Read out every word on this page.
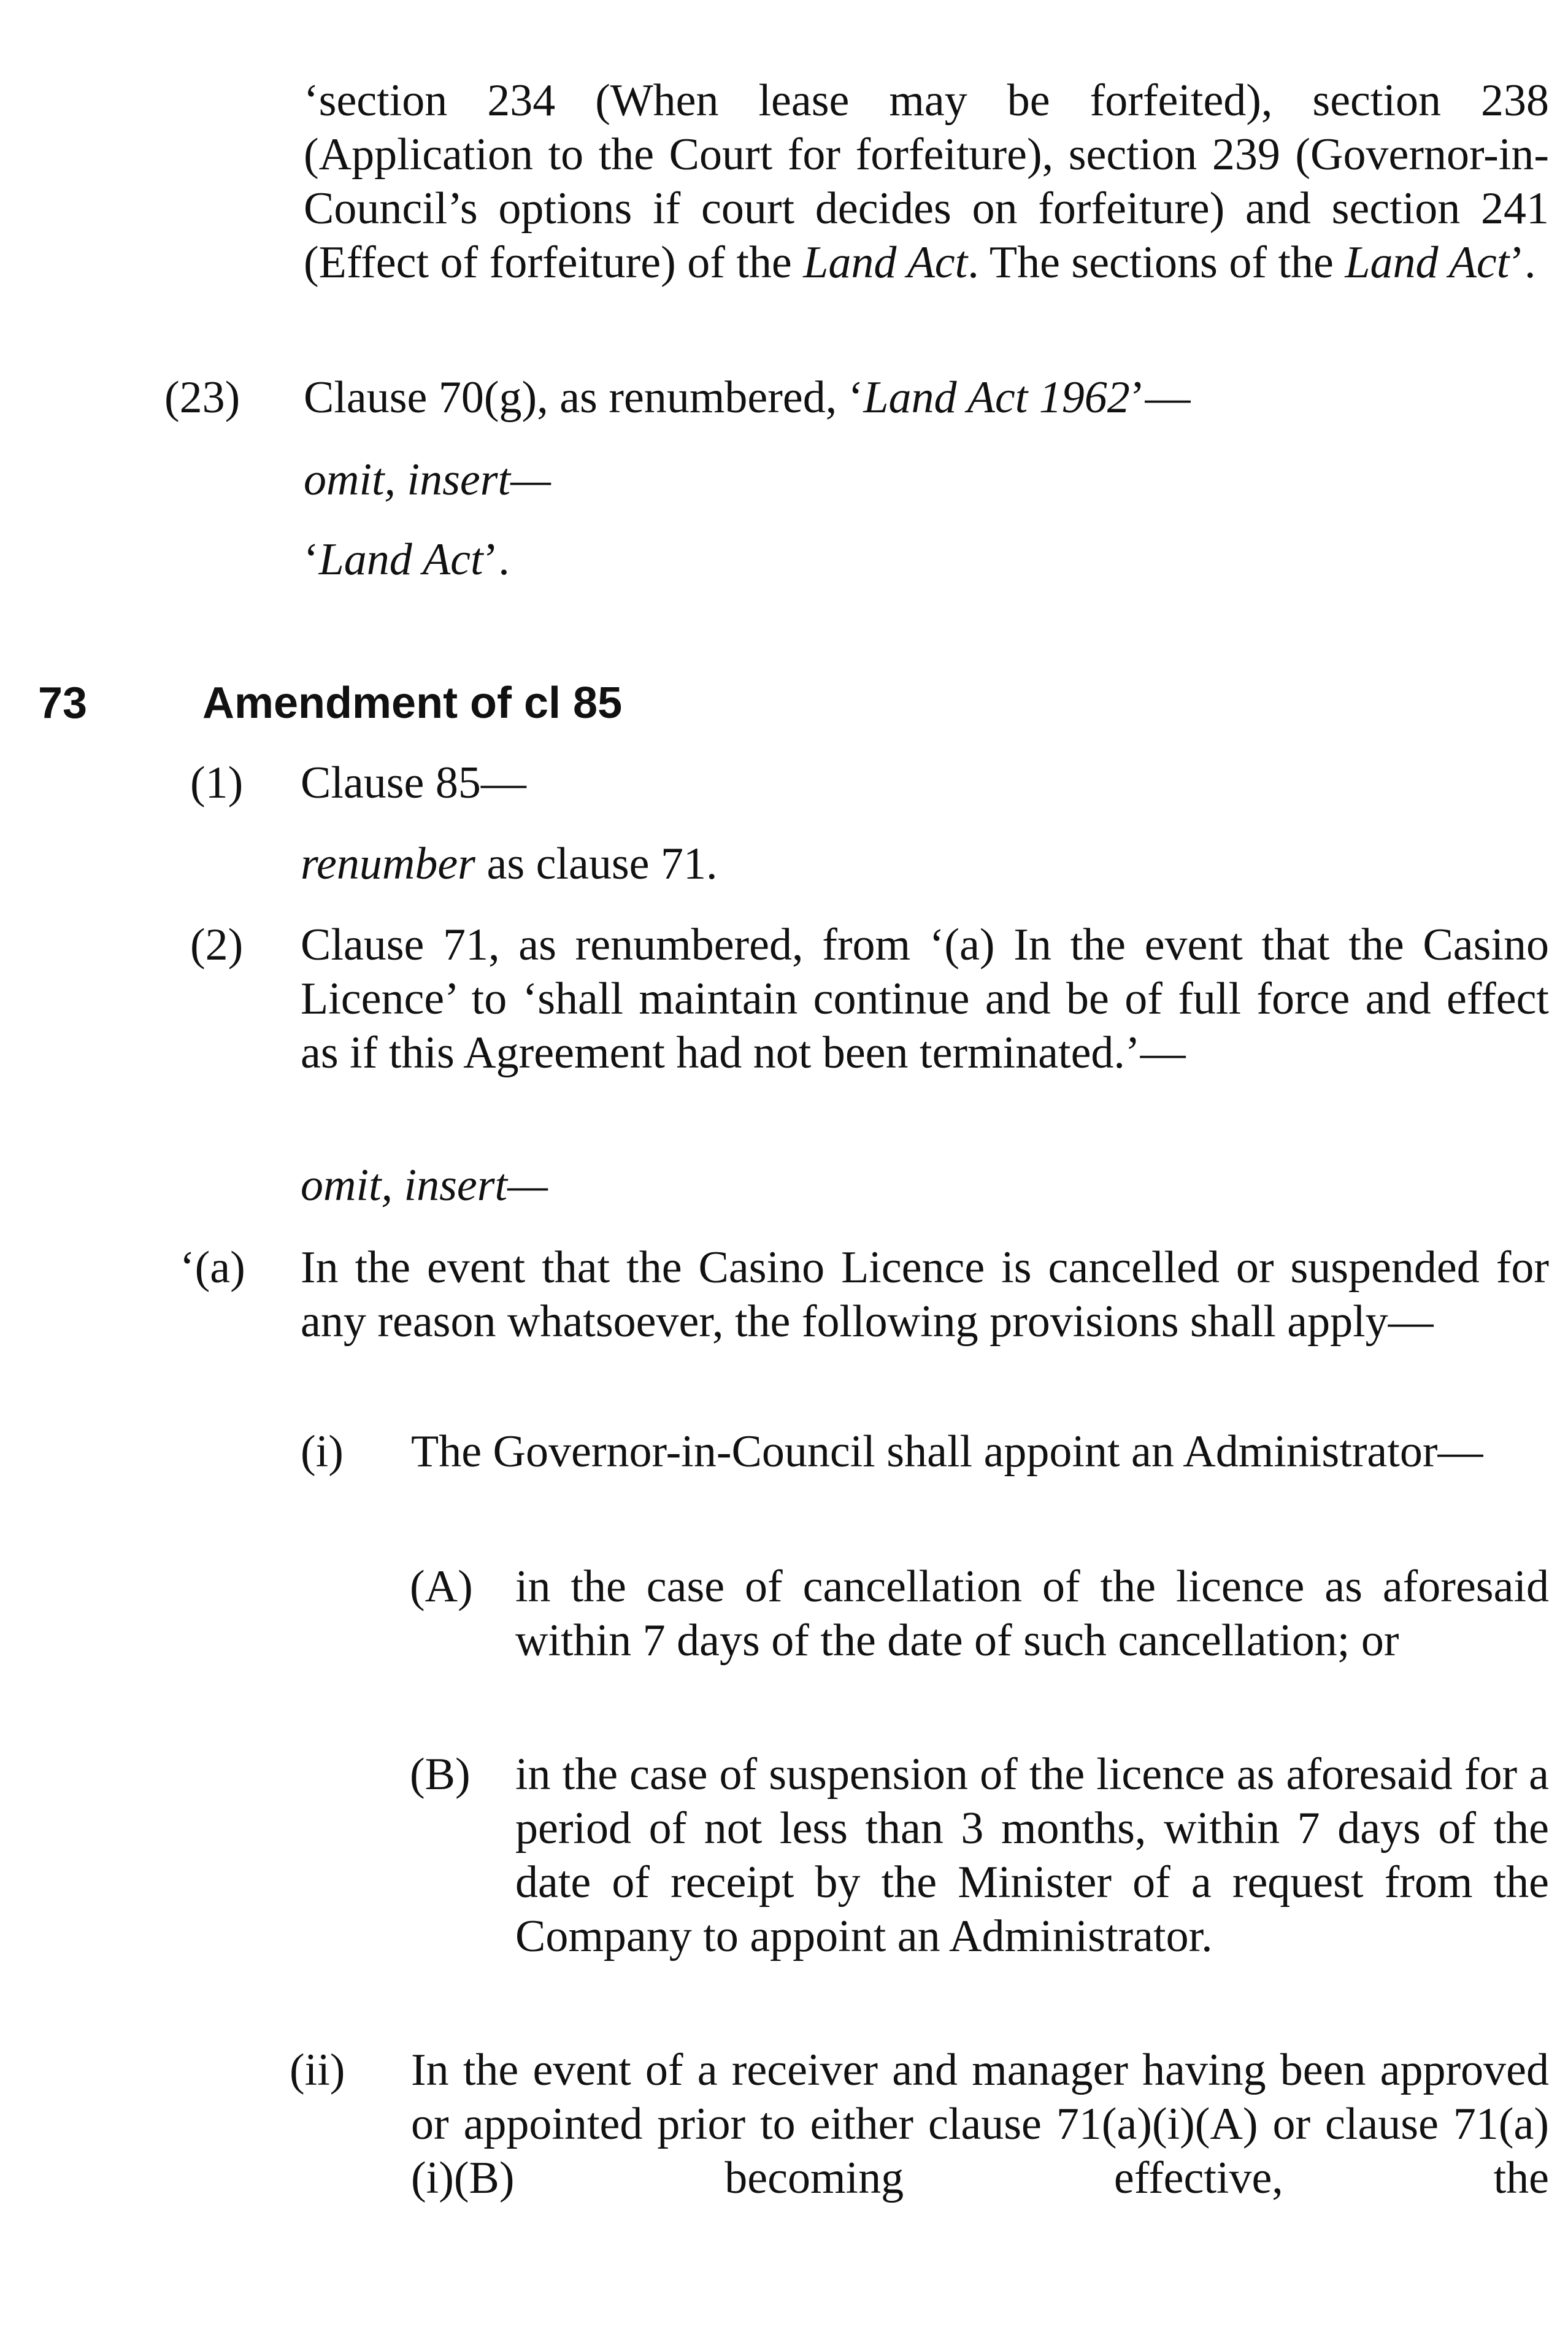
‘section 234 (When lease may be forfeited), section 238 (Application to the Court for forfeiture), section 239 (Governor-in-Council’s options if court decides on forfeiture) and section 241 (Effect of forfeiture) of the Land Act. The sections of the Land Act’.
(23) Clause 70(g), as renumbered, ‘Land Act 1962’—
omit, insert—
‘Land Act’.
73	Amendment of cl 85
(1) Clause 85—
renumber as clause 71.
(2) Clause 71, as renumbered, from ‘(a) In the event that the Casino Licence’ to ‘shall maintain continue and be of full force and effect as if this Agreement had not been terminated.’—
omit, insert—
‘(a) In the event that the Casino Licence is cancelled or suspended for any reason whatsoever, the following provisions shall apply—
(i) The Governor-in-Council shall appoint an Administrator—
(A) in the case of cancellation of the licence as aforesaid within 7 days of the date of such cancellation; or
(B) in the case of suspension of the licence as aforesaid for a period of not less than 3 months, within 7 days of the date of receipt by the Minister of a request from the Company to appoint an Administrator.
(ii) In the event of a receiver and manager having been approved or appointed prior to either clause 71(a)(i)(A) or clause 71(a)(i)(B) becoming effective, the
